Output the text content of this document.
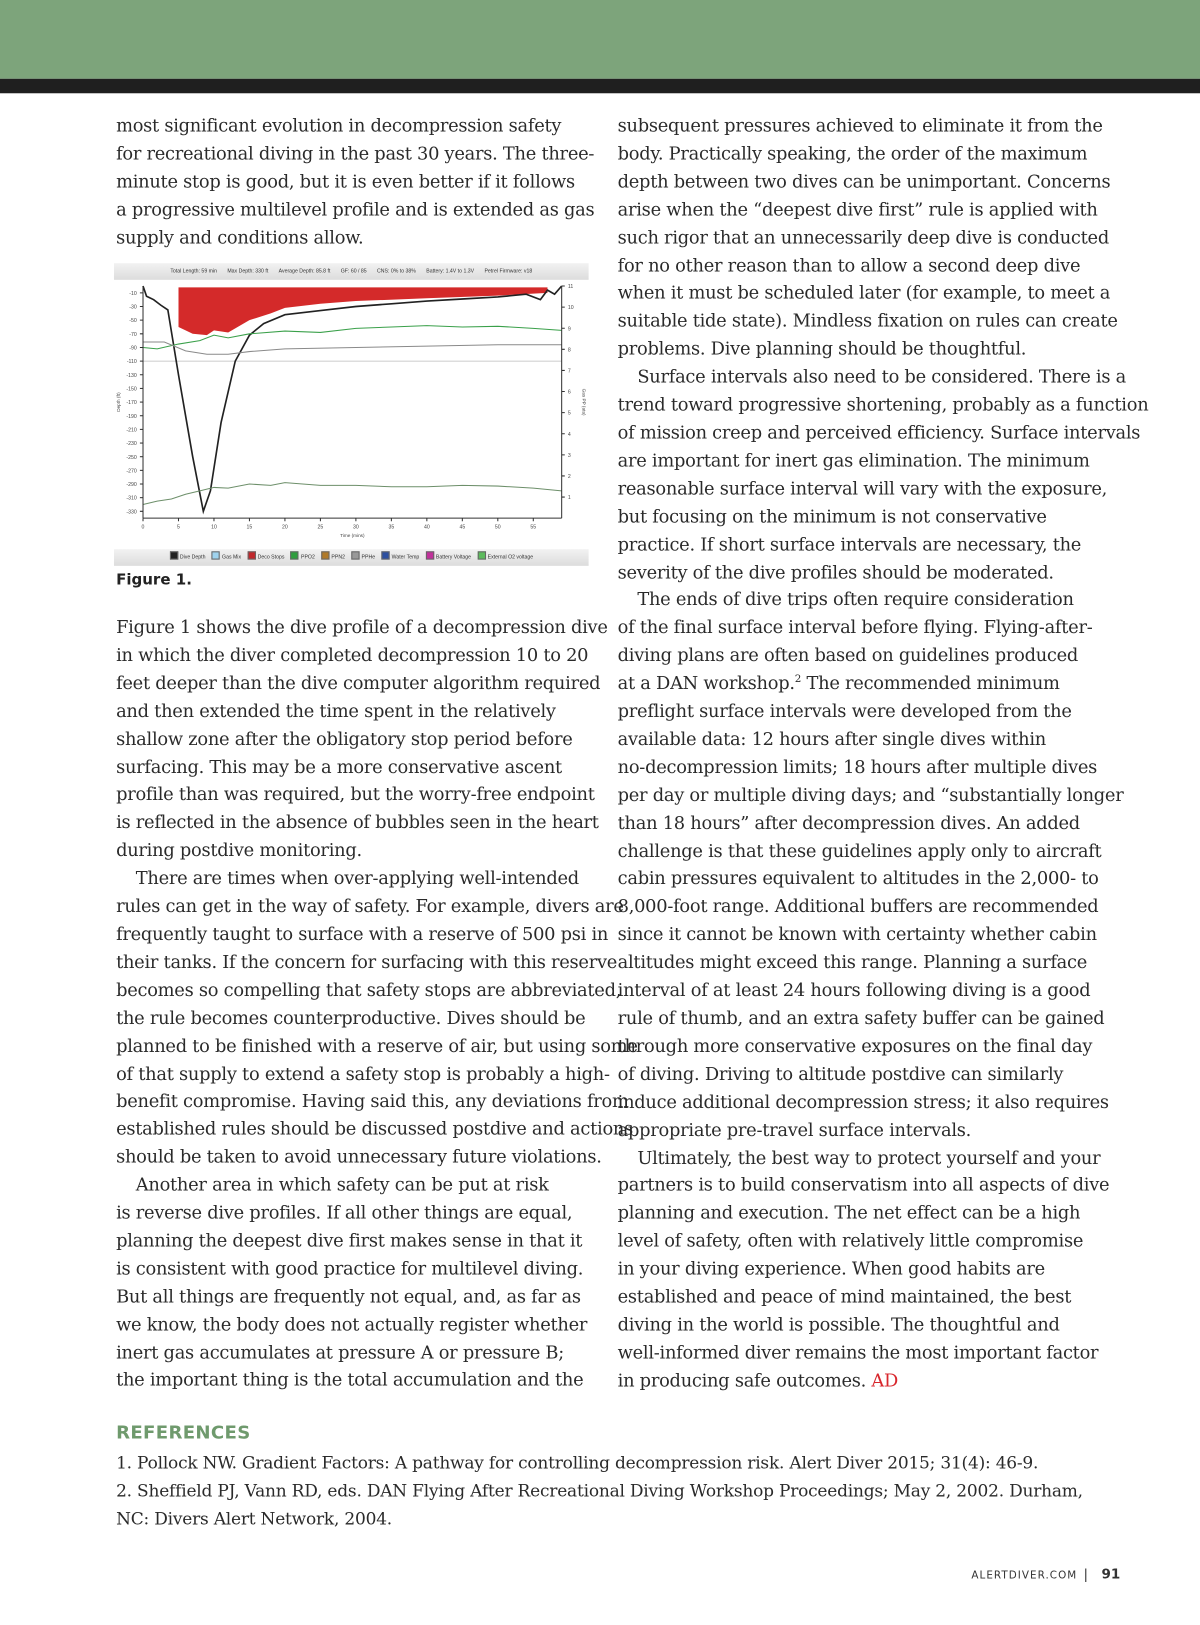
most significant evolution in decompression safety
for recreational diving in the past 30 years. The three-
minute stop is good, but it is even better if it follows
a progressive multilevel profile and is extended as gas
supply and conditions allow.
Total Length: 59 min Max Depth: 330 ft Average Depth: 85.8 ft GF: 60 / 85 CNS: 0% to 38% Battery: 1.4V to 1.3V Petrel Firmware: v18
-10
-30
-50
-70
-90
-110
-130
-150
-170
-190
-210
-230
-250
-270
-290
-310
-330
1
2
3
4
5
6
7
8
9
10
11
0	5	10	15	20	25	30	35	40	45	50	55
Time (mins)
Depth (ft)	Gas PP (ata)
Dive Depth	Gas Mix	Deco Stops	PPO2	PPN2	PPHe	Water Temp	Battery Voltage	External O2 voltage
Figure 1.
Figure 1 shows the dive profile of a decompression dive
in which the diver completed decompression 10 to 20
feet deeper than the dive computer algorithm required
and then extended the time spent in the relatively
shallow zone after the obligatory stop period before
surfacing. This may be a more conservative ascent
profile than was required, but the worry-free endpoint
is reflected in the absence of bubbles seen in the heart
during postdive monitoring.
There are times when over-applying well-intended
rules can get in the way of safety. For example, divers are
frequently taught to surface with a reserve of 500 psi in
their tanks. If the concern for surfacing with this reserve
becomes so compelling that safety stops are abbreviated,
the rule becomes counterproductive. Dives should be
planned to be finished with a reserve of air, but using some
of that supply to extend a safety stop is probably a high-
benefit compromise. Having said this, any deviations from
established rules should be discussed postdive and actions
should be taken to avoid unnecessary future violations.
Another area in which safety can be put at risk
is reverse dive profiles. If all other things are equal,
planning the deepest dive first makes sense in that it
is consistent with good practice for multilevel diving.
But all things are frequently not equal, and, as far as
we know, the body does not actually register whether
inert gas accumulates at pressure A or pressure B;
the important thing is the total accumulation and the
subsequent pressures achieved to eliminate it from the
body. Practically speaking, the order of the maximum
depth between two dives can be unimportant. Concerns
arise when the “deepest dive first” rule is applied with
such rigor that an unnecessarily deep dive is conducted
for no other reason than to allow a second deep dive
when it must be scheduled later (for example, to meet a
suitable tide state). Mindless fixation on rules can create
problems. Dive planning should be thoughtful.
Surface intervals also need to be considered. There is a
trend toward progressive shortening, probably as a function
of mission creep and perceived efficiency. Surface intervals
are important for inert gas elimination. The minimum
reasonable surface interval will vary with the exposure,
but focusing on the minimum is not conservative
practice. If short surface intervals are necessary, the
severity of the dive profiles should be moderated.
The ends of dive trips often require consideration
of the final surface interval before flying. Flying-after-
diving plans are often based on guidelines produced
at a DAN workshop.$^2$ The recommended minimum
preflight surface intervals were developed from the
available data: 12 hours after single dives within
no-decompression limits; 18 hours after multiple dives
per day or multiple diving days; and “substantially longer
than 18 hours” after decompression dives. An added
challenge is that these guidelines apply only to aircraft
cabin pressures equivalent to altitudes in the 2,000- to
8,000-foot range. Additional buffers are recommended
since it cannot be known with certainty whether cabin
altitudes might exceed this range. Planning a surface
interval of at least 24 hours following diving is a good
rule of thumb, and an extra safety buffer can be gained
through more conservative exposures on the final day
of diving. Driving to altitude postdive can similarly
induce additional decompression stress; it also requires
appropriate pre-travel surface intervals.
Ultimately, the best way to protect yourself and your
partners is to build conservatism into all aspects of dive
planning and execution. The net effect can be a high
level of safety, often with relatively little compromise
in your diving experience. When good habits are
established and peace of mind maintained, the best
diving in the world is possible. The thoughtful and
well-informed diver remains the most important factor
in producing safe outcomes. AD
REFERENCES
1. Pollock NW. Gradient Factors: A pathway for controlling decompression risk. Alert Diver 2015; 31(4): 46-9.
2. Sheffield PJ, Vann RD, eds. DAN Flying After Recreational Diving Workshop Proceedings; May 2, 2002. Durham,
NC: Divers Alert Network, 2004.
ALERTDIVER.COM | 91
